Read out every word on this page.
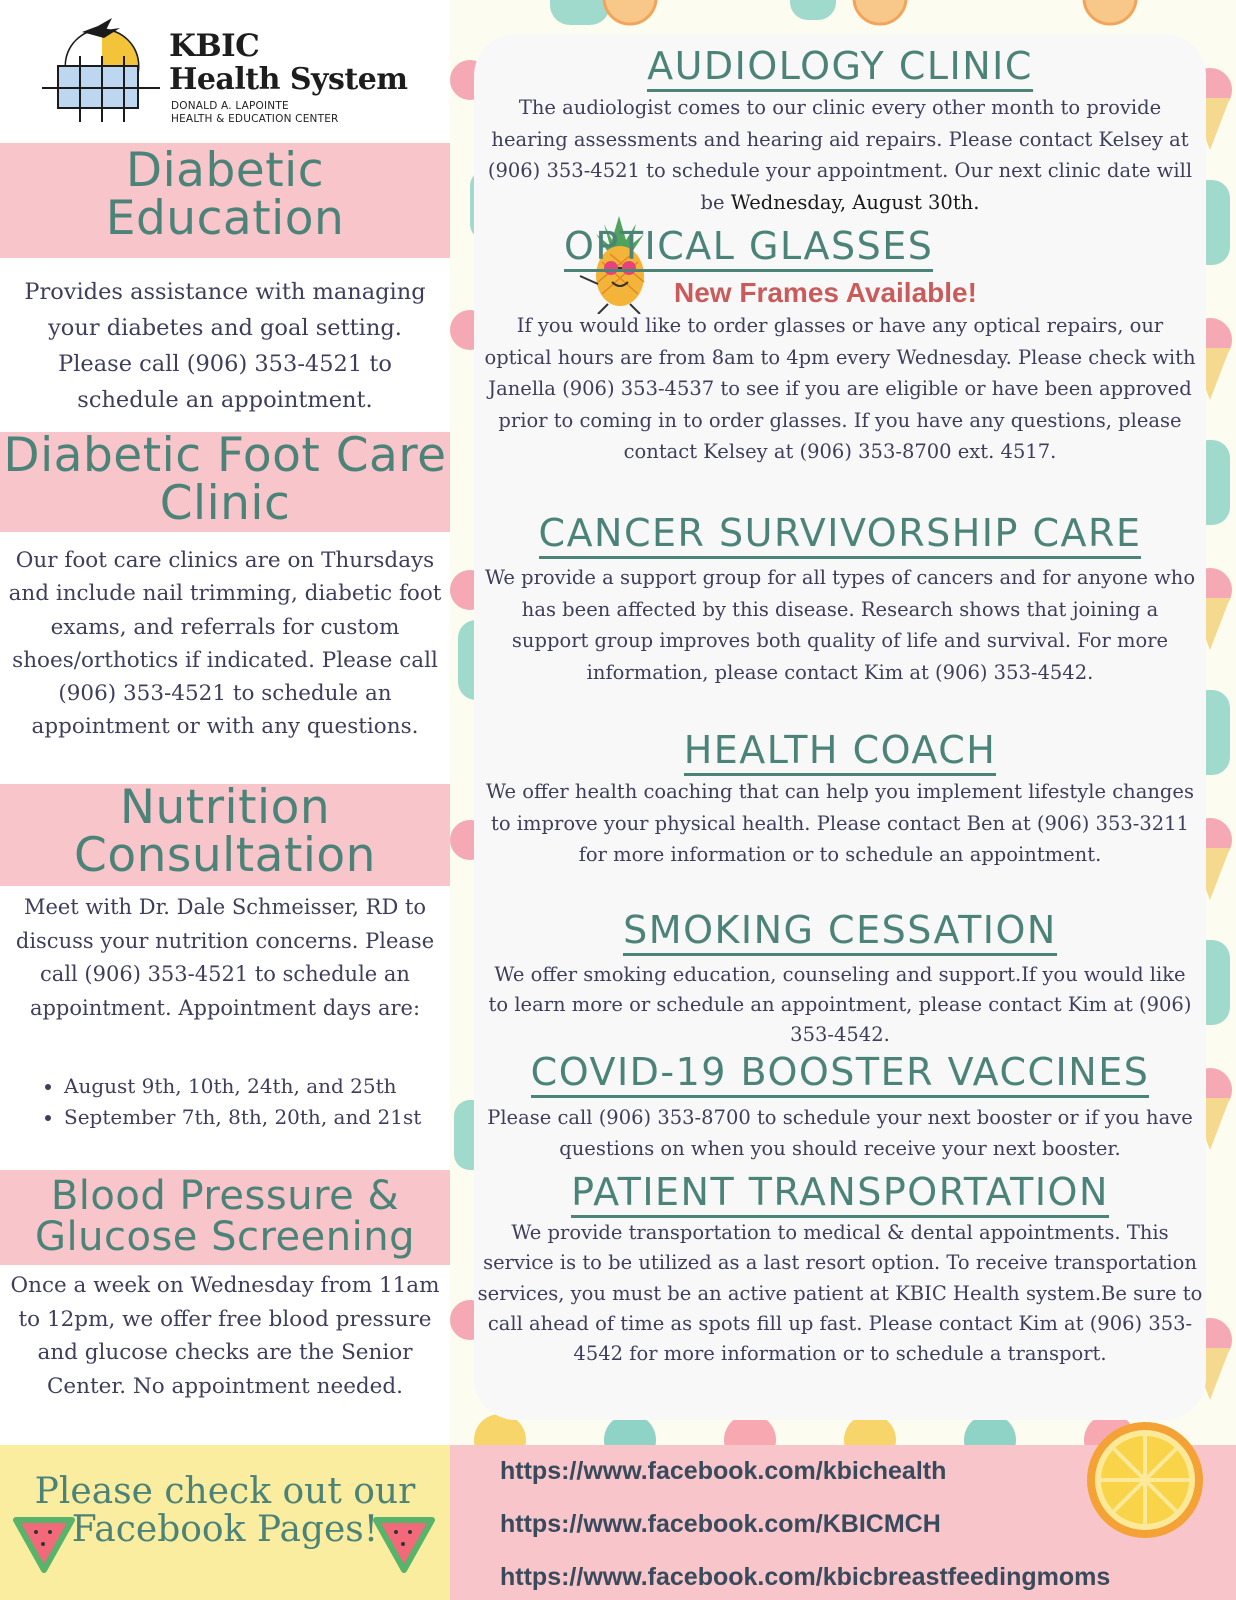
KBIC
Health System
DONALD A. LAPOINTE
HEALTH & EDUCATION CENTER
Diabetic Education
Provides assistance with managing your diabetes and goal setting. Please call (906) 353-4521 to schedule an appointment.
Diabetic Foot Care Clinic
Our foot care clinics are on Thursdays and include nail trimming, diabetic foot exams, and referrals for custom shoes/orthotics if indicated. Please call (906) 353-4521 to schedule an appointment or with any questions.
Nutrition Consultation
Meet with Dr. Dale Schmeisser, RD to discuss your nutrition concerns. Please call (906) 353-4521 to schedule an appointment. Appointment days are:
• August 9th, 10th, 24th, and 25th
• September 7th, 8th, 20th, and 21st
Blood Pressure & Glucose Screening
Once a week on Wednesday from 11am to 12pm, we offer free blood pressure and glucose checks are the Senior Center. No appointment needed.
AUDIOLOGY CLINIC
The audiologist comes to our clinic every other month to provide hearing assessments and hearing aid repairs. Please contact Kelsey at (906) 353-4521 to schedule your appointment. Our next clinic date will be Wednesday, August 30th.
OPTICAL GLASSES
New Frames Available!
If you would like to order glasses or have any optical repairs, our optical hours are from 8am to 4pm every Wednesday. Please check with Janella (906) 353-4537 to see if you are eligible or have been approved prior to coming in to order glasses. If you have any questions, please contact Kelsey at (906) 353-8700 ext. 4517.
CANCER SURVIVORSHIP CARE
We provide a support group for all types of cancers and for anyone who has been affected by this disease. Research shows that joining a support group improves both quality of life and survival. For more information, please contact Kim at (906) 353-4542.
HEALTH COACH
We offer health coaching that can help you implement lifestyle changes to improve your physical health. Please contact Ben at (906) 353-3211 for more information or to schedule an appointment.
SMOKING CESSATION
We offer smoking education, counseling and support.If you would like to learn more or schedule an appointment, please contact Kim at (906) 353-4542.
COVID-19 BOOSTER VACCINES
Please call (906) 353-8700 to schedule your next booster or if you have questions on when you should receive your next booster.
PATIENT TRANSPORTATION
We provide transportation to medical & dental appointments. This service is to be utilized as a last resort option. To receive transportation services, you must be an active patient at KBIC Health system.Be sure to call ahead of time as spots fill up fast. Please contact Kim at (906) 353-4542 for more information or to schedule a transport.
Please check out our Facebook Pages!
https://www.facebook.com/kbichealth
https://www.facebook.com/KBICMCH
https://www.facebook.com/kbicbreastfeedingmoms
